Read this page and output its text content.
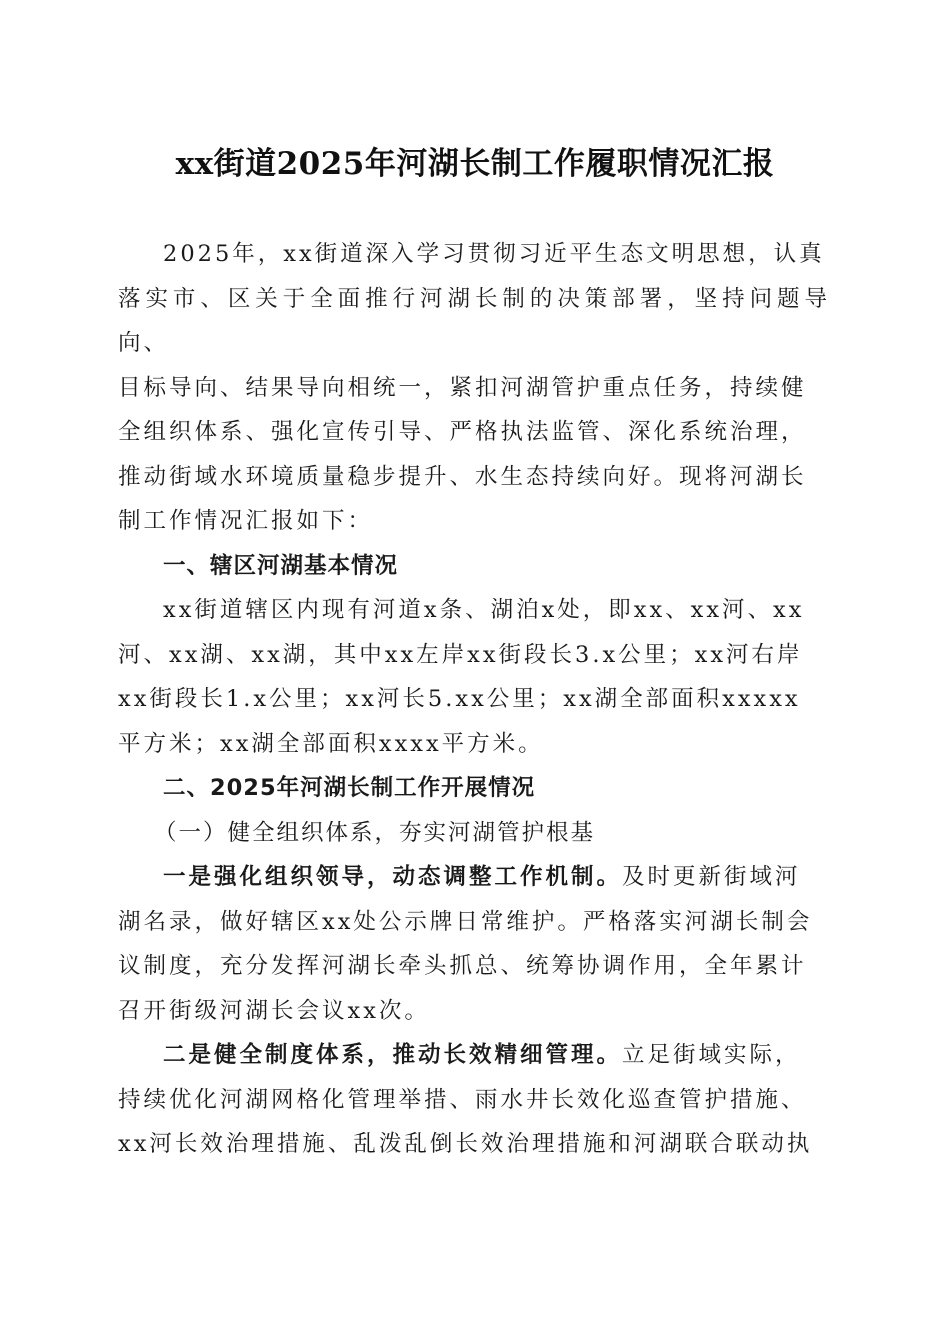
xx街道2025年河湖长制工作履职情况汇报

2025年，xx街道深入学习贯彻习近平生态文明思想，认真

落实市、区关于全面推行河湖长制的决策部署，坚持问题导向、
目标导向、结果导向相统一，紧扣河湖管护重点任务，持续健
全组织体系、强化宣传引导、严格执法监管、深化系统治理，
推动街域水环境质量稳步提升、水生态持续向好。现将河湖长
制工作情况汇报如下：

一、辖区河湖基本情况

xx街道辖区内现有河道x条、湖泊x处，即xx、xx河、xx

河、xx湖、xx湖，其中xx左岸xx街段长3.x公里；xx河右岸
xx街段长1.x公里；xx河长5.xx公里；xx湖全部面积xxxxx
平方米；xx湖全部面积xxxx平方米。

二、2025年河湖长制工作开展情况

（一）健全组织体系，夯实河湖管护根基

一是强化组织领导，动态调整工作机制。及时更新街域河

湖名录，做好辖区xx处公示牌日常维护。严格落实河湖长制会
议制度，充分发挥河湖长牵头抓总、统筹协调作用，全年累计
召开街级河湖长会议xx次。

二是健全制度体系，推动长效精细管理。立足街域实际，

持续优化河湖网格化管理举措、雨水井长效化巡查管护措施、
xx河长效治理措施、乱泼乱倒长效治理措施和河湖联合联动执
